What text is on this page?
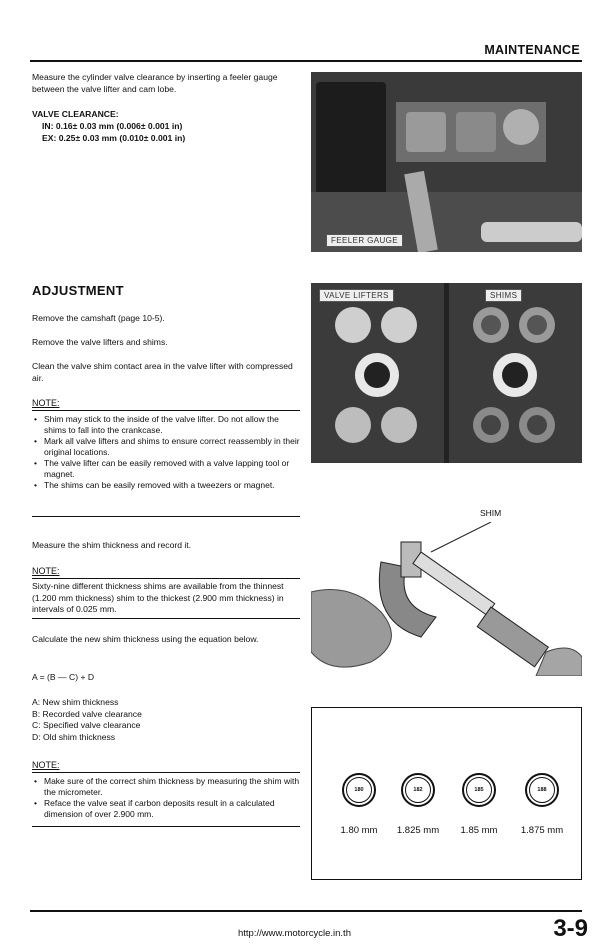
MAINTENANCE
Measure the cylinder valve clearance by inserting a feeler gauge between the valve lifter and cam lobe.
VALVE CLEARANCE:
IN: 0.16± 0.03 mm (0.006± 0.001 in)
EX: 0.25± 0.03 mm (0.010± 0.001 in)
FEELER GAUGE
ADJUSTMENT
Remove the camshaft (page 10-5).
Remove the valve lifters and shims.
Clean the valve shim contact area in the valve lifter with compressed air.
NOTE:
• Shim may stick to the inside of the valve lifter. Do not allow the shims to fall into the crankcase.
• Mark all valve lifters and shims to ensure correct reassembly in their original locations.
• The valve lifter can be easily removed with a valve lapping tool or magnet.
• The shims can be easily removed with a tweezers or magnet.
Measure the shim thickness and record it.
NOTE:
Sixty-nine different thickness shims are available from the thinnest (1.200 mm thickness) shim to the thickest (2.900 mm thickness) in intervals of 0.025 mm.
Calculate the new shim thickness using the equation below.
A = (B — C) + D
A: New shim thickness
B: Recorded valve clearance
C: Specified valve clearance
D: Old shim thickness
NOTE:
• Make sure of the correct shim thickness by measuring the shim with the micrometer.
• Reface the valve seat if carbon deposits result in a calculated dimension of over 2.900 mm.
VALVE LIFTERS	SHIMS
SHIM
180	182	185	188
1.80 mm	1.825 mm	1.85 mm	1.875 mm
http://www.motorcycle.in.th	3-9
